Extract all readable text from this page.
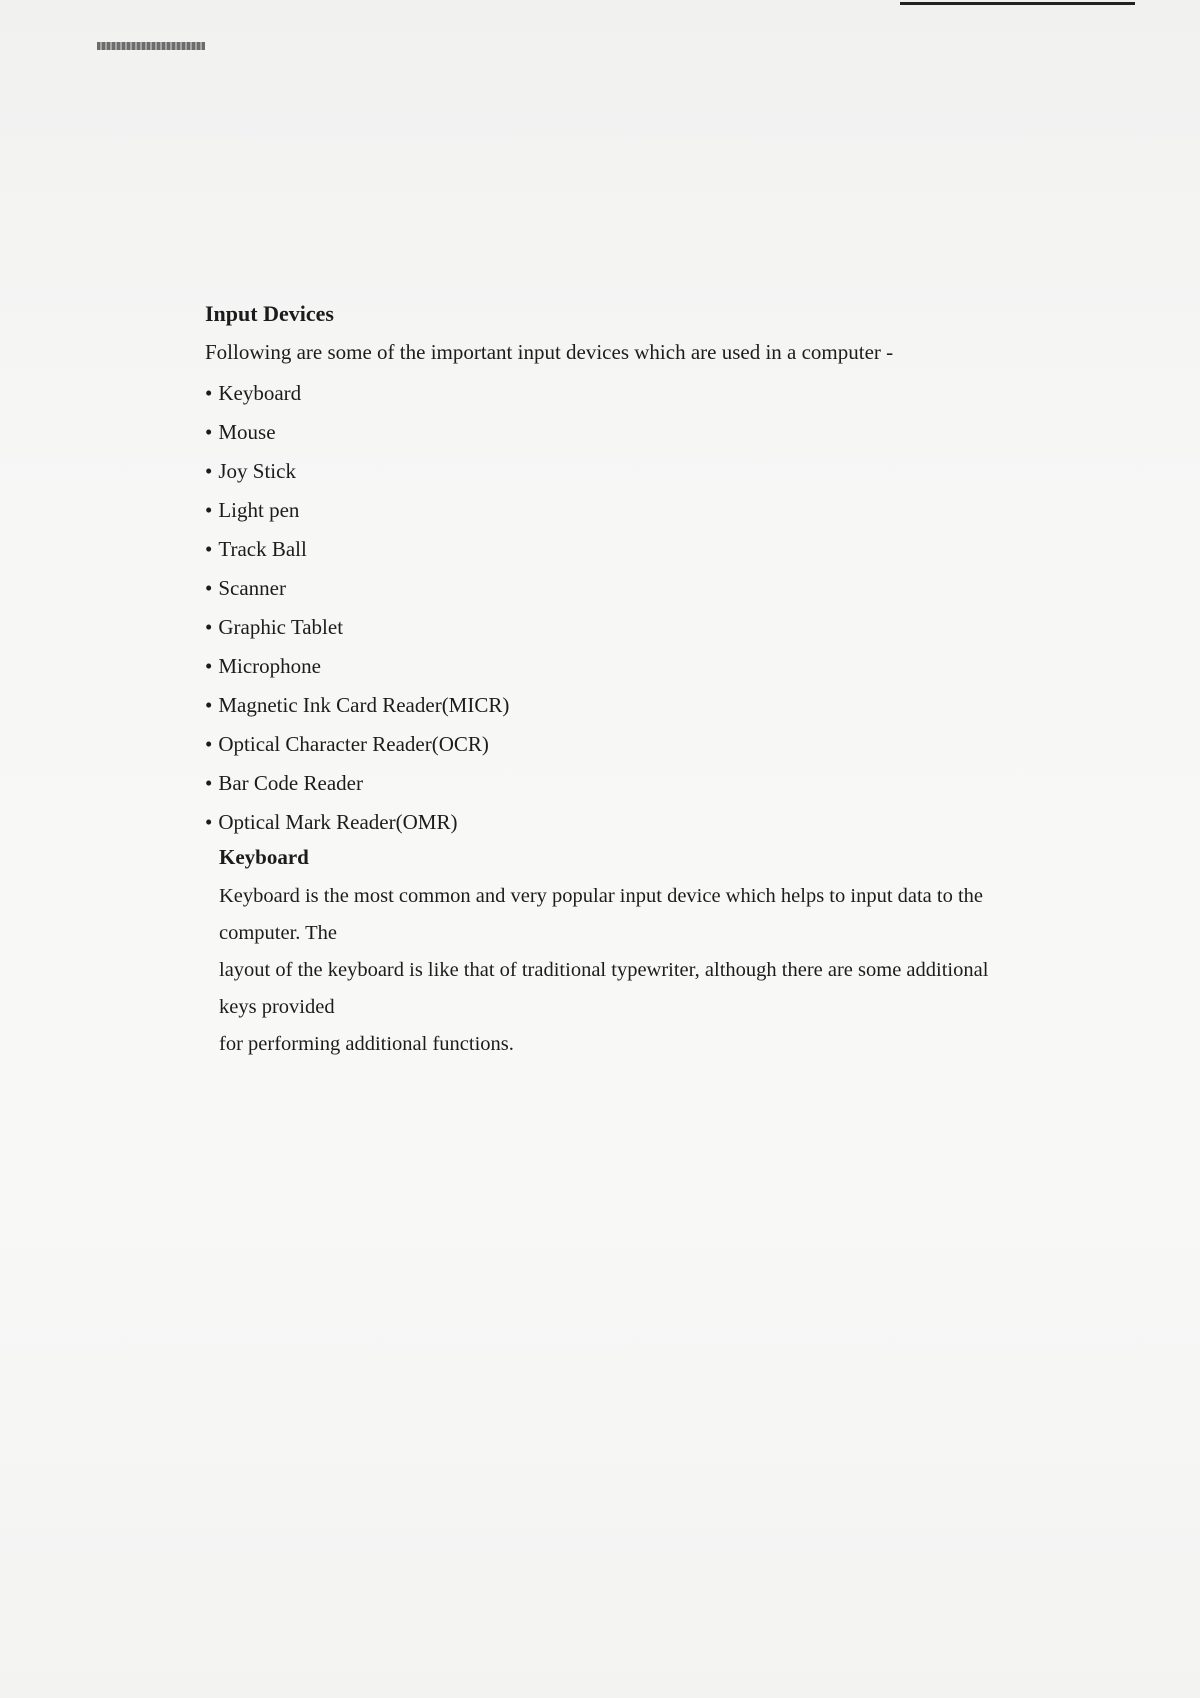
Input Devices
Following are some of the important input devices which are used in a computer -
• Keyboard
• Mouse
• Joy Stick
• Light pen
• Track Ball
• Scanner
• Graphic Tablet
• Microphone
• Magnetic Ink Card Reader(MICR)
• Optical Character Reader(OCR)
• Bar Code Reader
• Optical Mark Reader(OMR)
Keyboard
Keyboard is the most common and very popular input device which helps to input data to the
computer. The
layout of the keyboard is like that of traditional typewriter, although there are some additional
keys provided
for performing additional functions.
